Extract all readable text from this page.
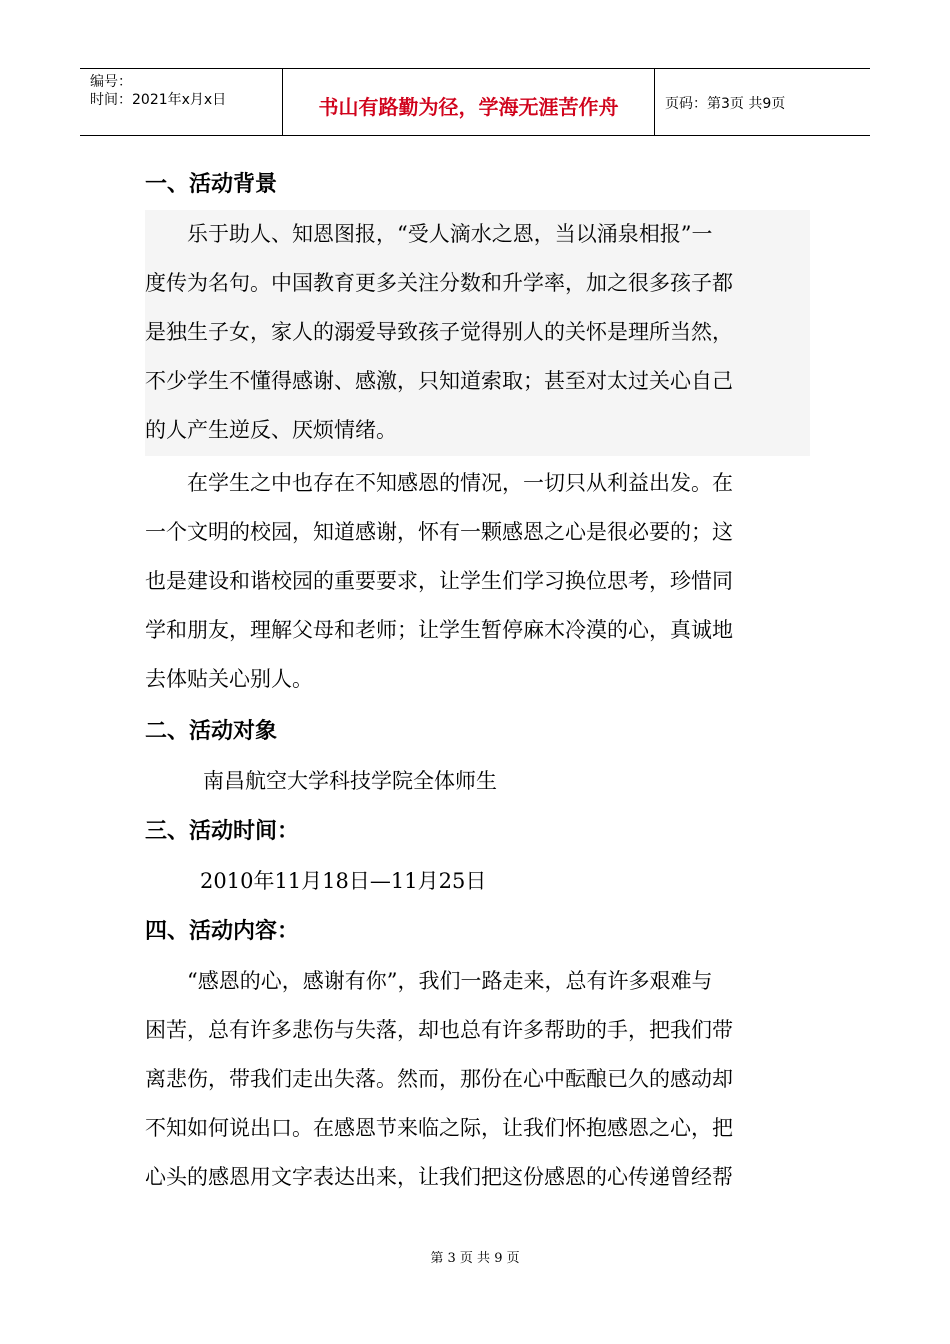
编号：
时间：2021年x月x日	书山有路勤为径，学海无涯苦作舟	页码：第3页 共9页
一、活动背景
乐于助人、知恩图报，“受人滴水之恩，当以涌泉相报”一
度传为名句。中国教育更多关注分数和升学率，加之很多孩子都
是独生子女，家人的溺爱导致孩子觉得别人的关怀是理所当然，
不少学生不懂得感谢、感激，只知道索取；甚至对太过关心自己
的人产生逆反、厌烦情绪。
在学生之中也存在不知感恩的情况，一切只从利益出发。在
一个文明的校园，知道感谢，怀有一颗感恩之心是很必要的；这
也是建设和谐校园的重要要求，让学生们学习换位思考，珍惜同
学和朋友，理解父母和老师；让学生暂停麻木冷漠的心，真诚地
去体贴关心别人。
二、活动对象
南昌航空大学科技学院全体师生
三、活动时间：
2010年11月18日—11月25日
四、活动内容：
“感恩的心，感谢有你”，我们一路走来，总有许多艰难与
困苦，总有许多悲伤与失落，却也总有许多帮助的手，把我们带
离悲伤，带我们走出失落。然而，那份在心中酝酿已久的感动却
不知如何说出口。在感恩节来临之际，让我们怀抱感恩之心，把
心头的感恩用文字表达出来，让我们把这份感恩的心传递曾经帮
第 3 页 共 9 页
